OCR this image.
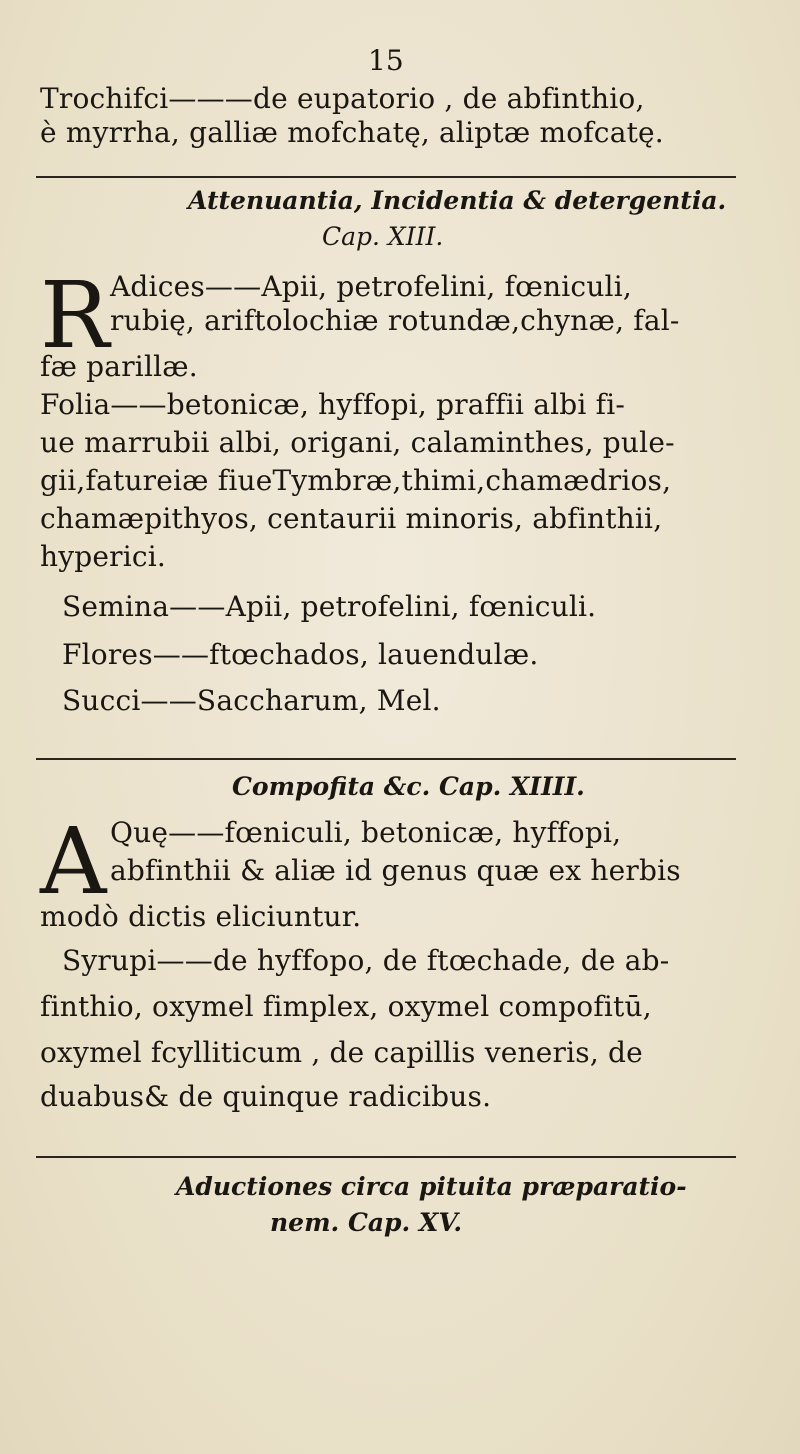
15
Trochifci———de eupatorio , de abfinthio,
è myrrha, galliæ mofchatę, aliptæ mofcatę.
Attenuantia, Incidentia & detergentia.
Cap. XIII.
R Adices——Apii, petrofelini, fœniculi,
rubię, ariftolochiæ rotundæ,chynæ, fal-
fæ parillæ.
Folia——betonicæ, hyffopi, praffii albi fi-
ue marrubii albi, origani, calaminthes, pule-
gii,fatureiæ fiueTymbræ,thimi,chamædrios,
chamæpithyos, centaurii minoris, abfinthii,
hyperici.
Semina——Apii, petrofelini, fœniculi.
Flores——ftœchados, lauendulæ.
Succi——Saccharum, Mel.
Compofita &c. Cap. XIIII.
A Quę——fœniculi, betonicæ, hyffopi,
abfinthii & aliæ id genus quæ ex herbis
modò dictis eliciuntur.
Syrupi——de hyffopo, de ftœchade, de ab-
finthio, oxymel fimplex, oxymel compofitū,
oxymel fcylliticum , de capillis veneris, de
duabus& de quinque radicibus.
Aductiones circa pituita præparatio-
nem. Cap. XV.
